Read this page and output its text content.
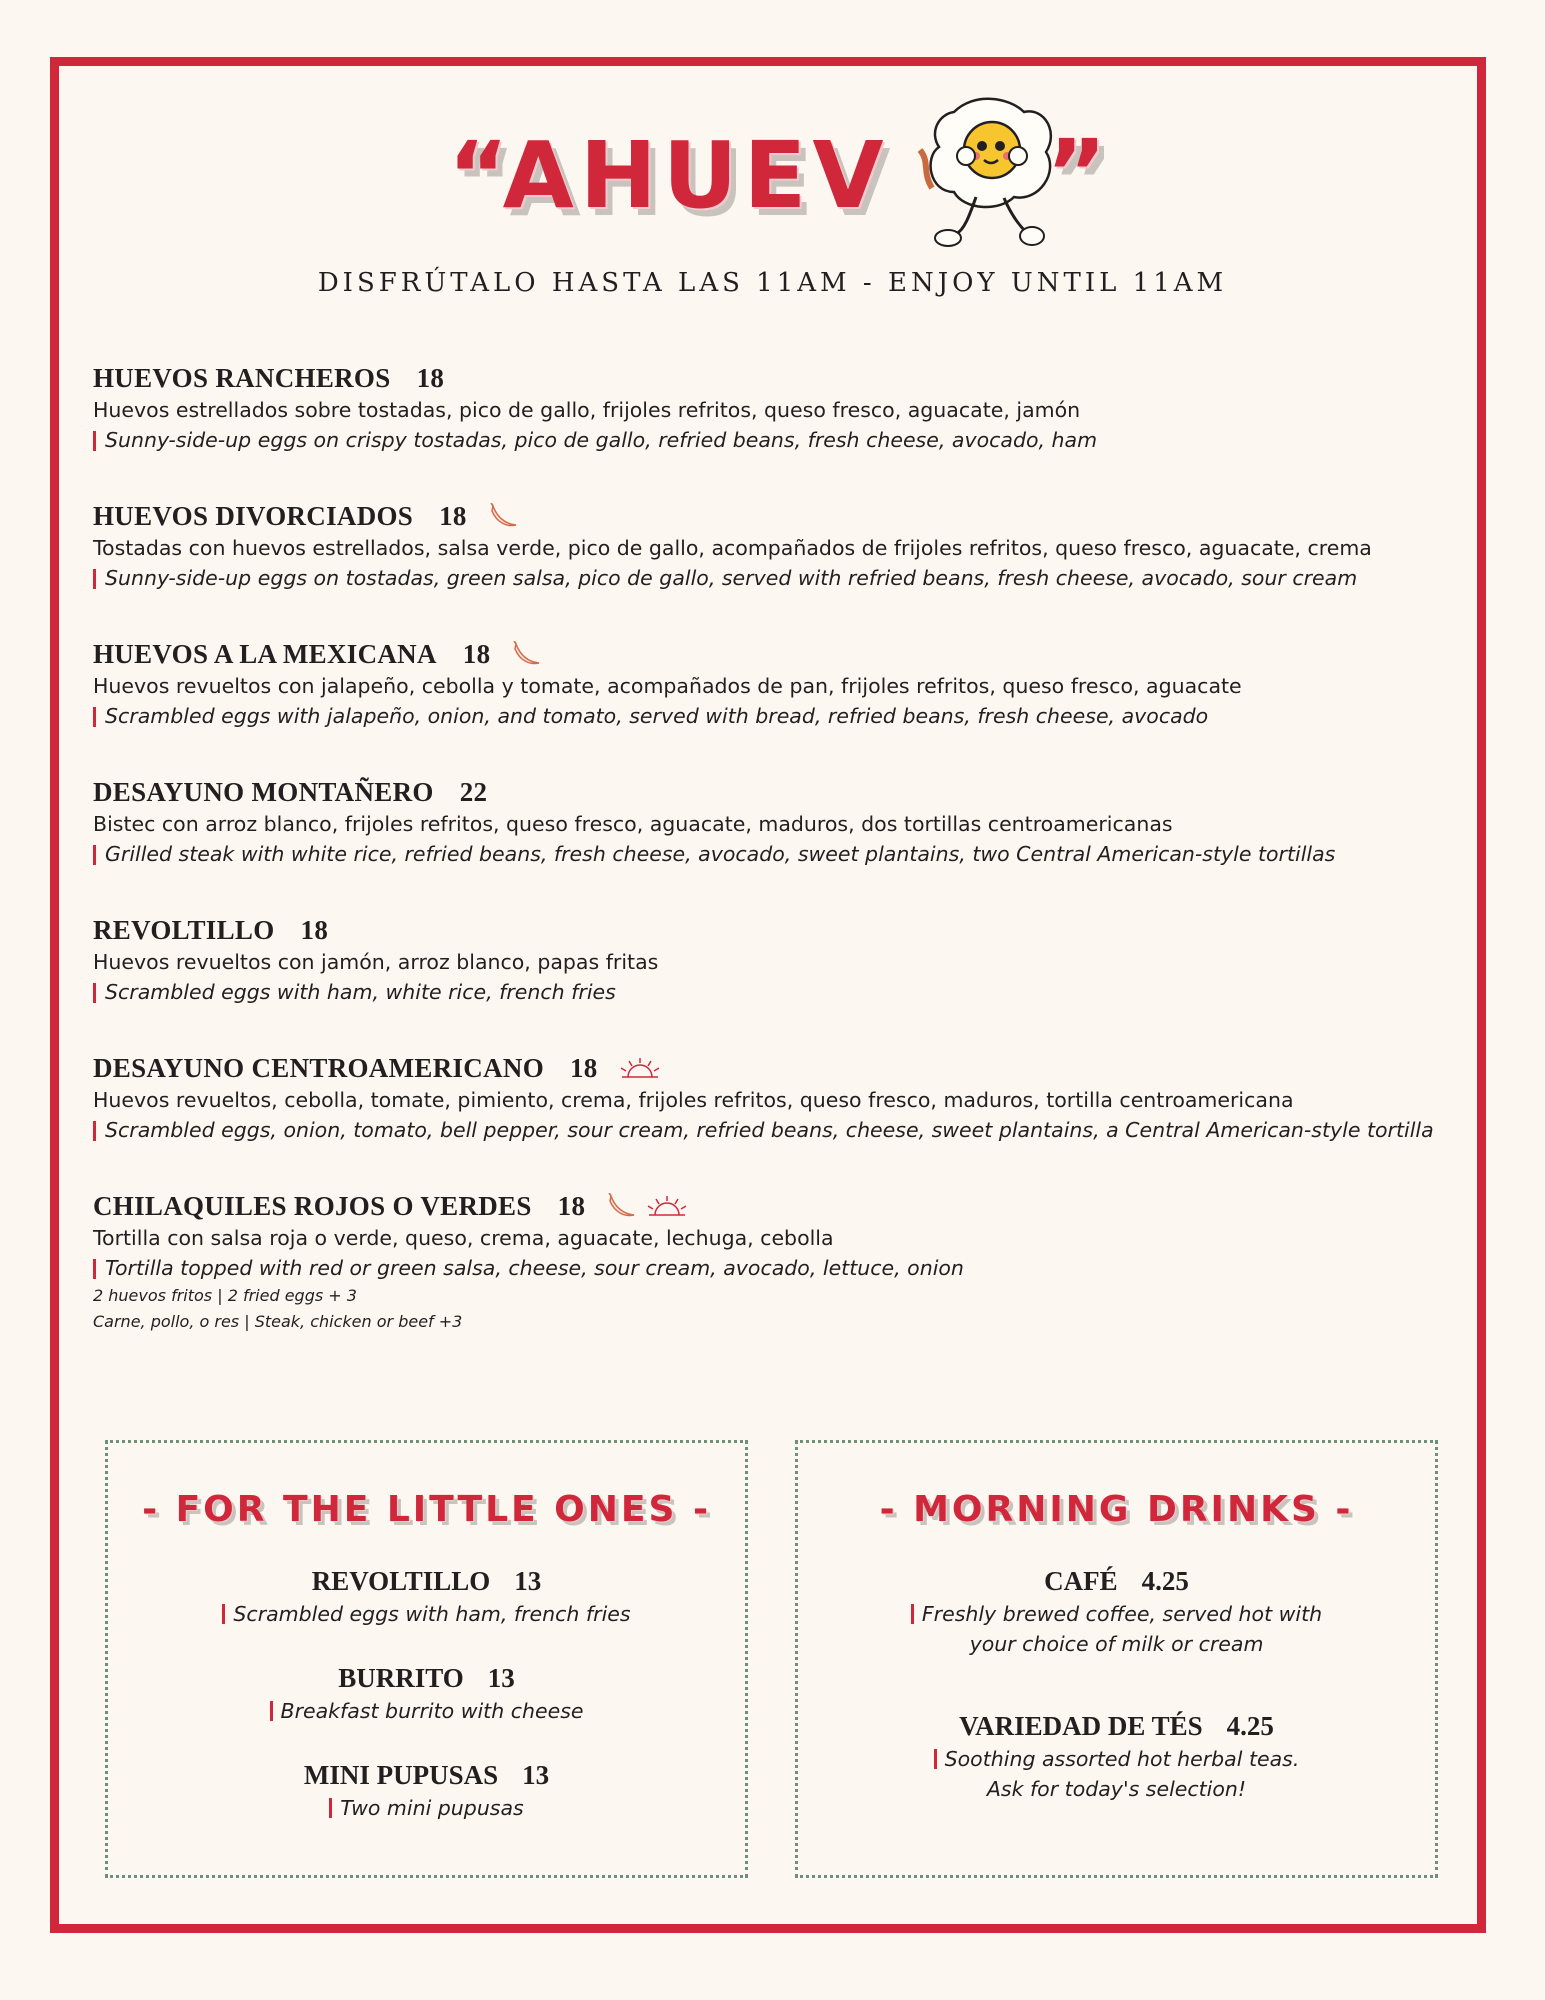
“AHUEV ”
DISFRÚTALO HASTA LAS 11AM - ENJOY UNTIL 11AM
HUEVOS RANCHEROS 18
Huevos estrellados sobre tostadas, pico de gallo, frijoles refritos, queso fresco, aguacate, jamón
Sunny-side-up eggs on crispy tostadas, pico de gallo, refried beans, fresh cheese, avocado, ham
HUEVOS DIVORCIADOS 18
Tostadas con huevos estrellados, salsa verde, pico de gallo, acompañados de frijoles refritos, queso fresco, aguacate, crema
Sunny-side-up eggs on tostadas, green salsa, pico de gallo, served with refried beans, fresh cheese, avocado, sour cream
HUEVOS A LA MEXICANA 18
Huevos revueltos con jalapeño, cebolla y tomate, acompañados de pan, frijoles refritos, queso fresco, aguacate
Scrambled eggs with jalapeño, onion, and tomato, served with bread, refried beans, fresh cheese, avocado
DESAYUNO MONTAÑERO 22
Bistec con arroz blanco, frijoles refritos, queso fresco, aguacate, maduros, dos tortillas centroamericanas
Grilled steak with white rice, refried beans, fresh cheese, avocado, sweet plantains, two Central American-style tortillas
REVOLTILLO 18
Huevos revueltos con jamón, arroz blanco, papas fritas
Scrambled eggs with ham, white rice, french fries
DESAYUNO CENTROAMERICANO 18
Huevos revueltos, cebolla, tomate, pimiento, crema, frijoles refritos, queso fresco, maduros, tortilla centroamericana
Scrambled eggs, onion, tomato, bell pepper, sour cream, refried beans, cheese, sweet plantains, a Central American-style tortilla
CHILAQUILES ROJOS O VERDES 18
Tortilla con salsa roja o verde, queso, crema, aguacate, lechuga, cebolla
Tortilla topped with red or green salsa, cheese, sour cream, avocado, lettuce, onion
2 huevos fritos | 2 fried eggs + 3
Carne, pollo, o res | Steak, chicken or beef +3
- FOR THE LITTLE ONES -
REVOLTILLO 13
Scrambled eggs with ham, french fries
BURRITO 13
Breakfast burrito with cheese
MINI PUPUSAS 13
Two mini pupusas
- MORNING DRINKS -
CAFÉ 4.25
Freshly brewed coffee, served hot with
your choice of milk or cream
VARIEDAD DE TÉS 4.25
Soothing assorted hot herbal teas.
Ask for today's selection!
